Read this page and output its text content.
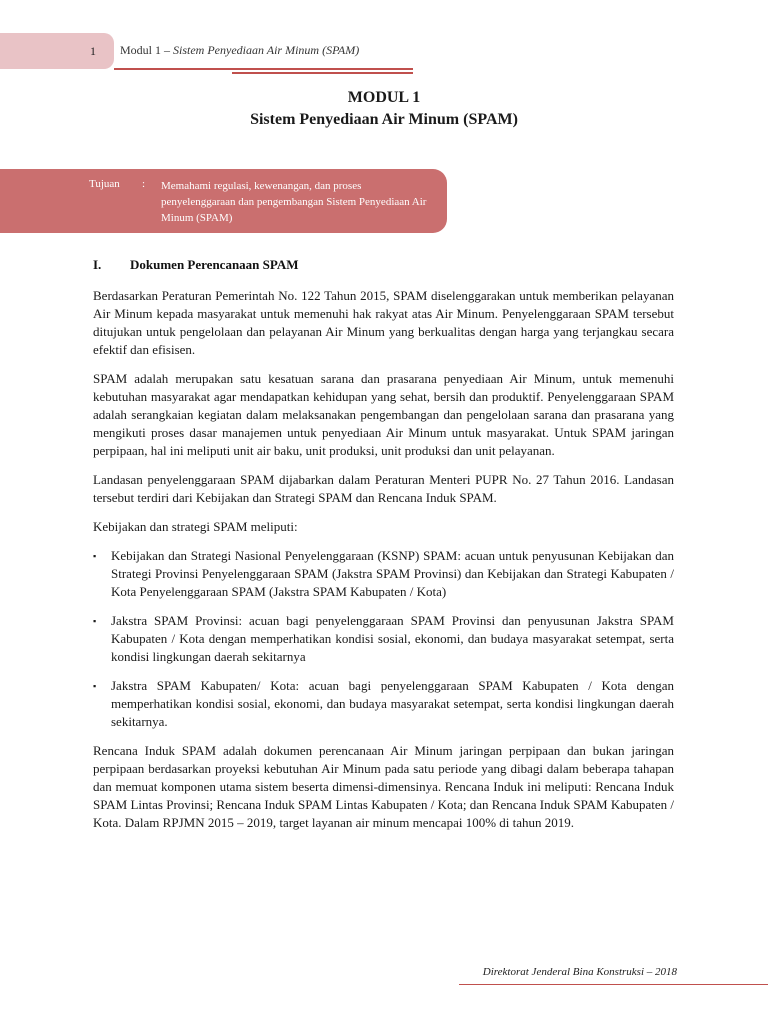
1 Modul 1 – Sistem Penyediaan Air Minum (SPAM)
MODUL 1
Sistem Penyediaan Air Minum (SPAM)
Tujuan : Memahami regulasi, kewenangan, dan proses penyelenggaraan dan pengembangan Sistem Penyediaan Air Minum (SPAM)
I. Dokumen Perencanaan SPAM

Berdasarkan Peraturan Pemerintah No. 122 Tahun 2015, SPAM diselenggarakan untuk memberikan pelayanan Air Minum kepada masyarakat untuk memenuhi hak rakyat atas Air Minum. Penyelenggaraan SPAM tersebut ditujukan untuk pengelolaan dan pelayanan Air Minum yang berkualitas dengan harga yang terjangkau secara efektif dan efisisen.

SPAM adalah merupakan satu kesatuan sarana dan prasarana penyediaan Air Minum, untuk memenuhi kebutuhan masyarakat agar mendapatkan kehidupan yang sehat, bersih dan produktif. Penyelenggaraan SPAM adalah serangkaian kegiatan dalam melaksanakan pengembangan dan pengelolaan sarana dan prasarana yang mengikuti proses dasar manajemen untuk penyediaan Air Minum untuk masyarakat. Untuk SPAM jaringan perpipaan, hal ini meliputi unit air baku, unit produksi, unit produksi dan unit pelayanan.

Landasan penyelenggaraan SPAM dijabarkan dalam Peraturan Menteri PUPR No. 27 Tahun 2016. Landasan tersebut terdiri dari Kebijakan dan Strategi SPAM dan Rencana Induk SPAM.

Kebijakan dan strategi SPAM meliputi:

▪ Kebijakan dan Strategi Nasional Penyelenggaraan (KSNP) SPAM: acuan untuk penyusunan Kebijakan dan Strategi Provinsi Penyelenggaraan SPAM (Jakstra SPAM Provinsi) dan Kebijakan dan Strategi Kabupaten / Kota Penyelenggaraan SPAM (Jakstra SPAM Kabupaten / Kota)
▪ Jakstra SPAM Provinsi: acuan bagi penyelenggaraan SPAM Provinsi dan penyusunan Jakstra SPAM Kabupaten / Kota dengan memperhatikan kondisi sosial, ekonomi, dan budaya masyarakat setempat, serta kondisi lingkungan daerah sekitarnya
▪ Jakstra SPAM Kabupaten/ Kota: acuan bagi penyelenggaraan SPAM Kabupaten / Kota dengan memperhatikan kondisi sosial, ekonomi, dan budaya masyarakat setempat, serta kondisi lingkungan daerah sekitarnya.

Rencana Induk SPAM adalah dokumen perencanaan Air Minum jaringan perpipaan dan bukan jaringan perpipaan berdasarkan proyeksi kebutuhan Air Minum pada satu periode yang dibagi dalam beberapa tahapan dan memuat komponen utama sistem beserta dimensi-dimensinya. Rencana Induk ini meliputi: Rencana Induk SPAM Lintas Provinsi; Rencana Induk SPAM Lintas Kabupaten / Kota; dan Rencana Induk SPAM Kabupaten / Kota. Dalam RPJMN 2015 – 2019, target layanan air minum mencapai 100% di tahun 2019.

Direktorat Jenderal Bina Konstruksi – 2018
